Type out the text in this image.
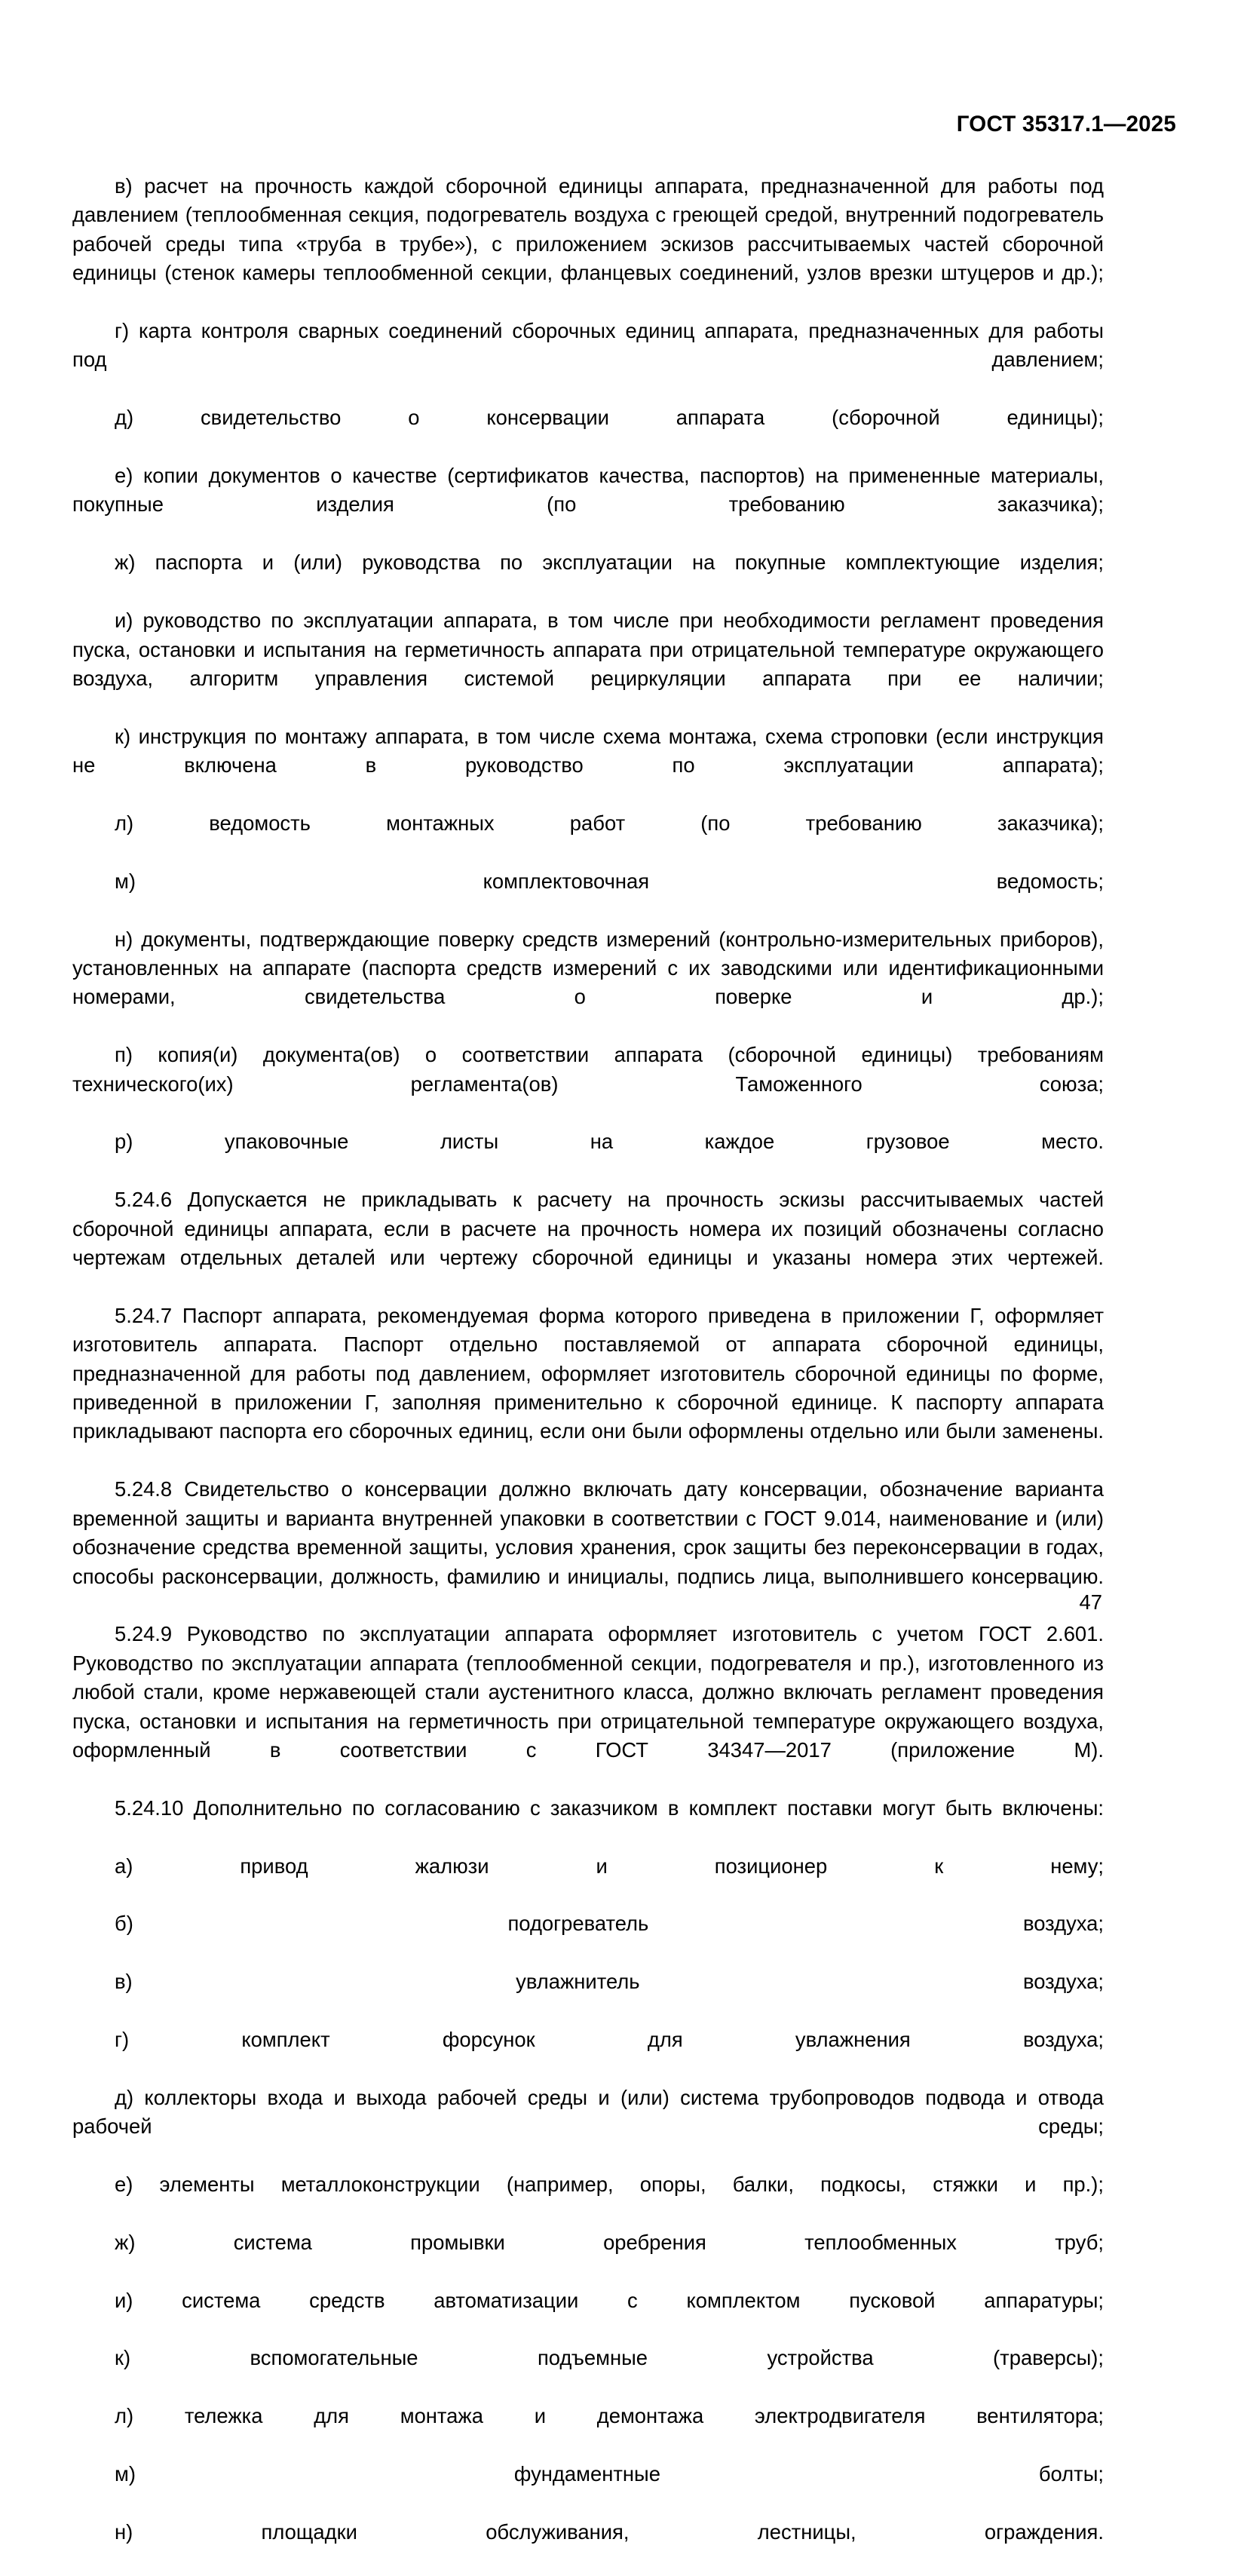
ГОСТ 35317.1—2025

в) расчет на прочность каждой сборочной единицы аппарата, предназначенной для работы под давлением (теплообменная секция, подогреватель воздуха с греющей средой, внутренний подогреватель рабочей среды типа «труба в трубе»), с приложением эскизов рассчитываемых частей сборочной единицы (стенок камеры теплообменной секции, фланцевых соединений, узлов врезки штуцеров и др.);

г) карта контроля сварных соединений сборочных единиц аппарата, предназначенных для работы под давлением;

д) свидетельство о консервации аппарата (сборочной единицы);

е) копии документов о качестве (сертификатов качества, паспортов) на примененные материалы, покупные изделия (по требованию заказчика);

ж) паспорта и (или) руководства по эксплуатации на покупные комплектующие изделия;

и) руководство по эксплуатации аппарата, в том числе при необходимости регламент проведения пуска, остановки и испытания на герметичность аппарата при отрицательной температуре окружающего воздуха, алгоритм управления системой рециркуляции аппарата при ее наличии;

к) инструкция по монтажу аппарата, в том числе схема монтажа, схема строповки (если инструкция не включена в руководство по эксплуатации аппарата);

л) ведомость монтажных работ (по требованию заказчика);

м) комплектовочная ведомость;

н) документы, подтверждающие поверку средств измерений (контрольно-измерительных приборов), установленных на аппарате (паспорта средств измерений с их заводскими или идентификационными номерами, свидетельства о поверке и др.);

п) копия(и) документа(ов) о соответствии аппарата (сборочной единицы) требованиям технического(их) регламента(ов) Таможенного союза;

р) упаковочные листы на каждое грузовое место.

5.24.6 Допускается не прикладывать к расчету на прочность эскизы рассчитываемых частей сборочной единицы аппарата, если в расчете на прочность номера их позиций обозначены согласно чертежам отдельных деталей или чертежу сборочной единицы и указаны номера этих чертежей.

5.24.7 Паспорт аппарата, рекомендуемая форма которого приведена в приложении Г, оформляет изготовитель аппарата. Паспорт отдельно поставляемой от аппарата сборочной единицы, предназначенной для работы под давлением, оформляет изготовитель сборочной единицы по форме, приведенной в приложении Г, заполняя применительно к сборочной единице. К паспорту аппарата прикладывают паспорта его сборочных единиц, если они были оформлены отдельно или были заменены.

5.24.8 Свидетельство о консервации должно включать дату консервации, обозначение варианта временной защиты и варианта внутренней упаковки в соответствии с ГОСТ 9.014, наименование и (или) обозначение средства временной защиты, условия хранения, срок защиты без переконсервации в годах, способы расконсервации, должность, фамилию и инициалы, подпись лица, выполнившего консервацию.

5.24.9 Руководство по эксплуатации аппарата оформляет изготовитель с учетом ГОСТ 2.601. Руководство по эксплуатации аппарата (теплообменной секции, подогревателя и пр.), изготовленного из любой стали, кроме нержавеющей стали аустенитного класса, должно включать регламент проведения пуска, остановки и испытания на герметичность при отрицательной температуре окружающего воздуха, оформленный в соответствии с ГОСТ 34347—2017 (приложение М).

5.24.10 Дополнительно по согласованию с заказчиком в комплект поставки могут быть включены:

а) привод жалюзи и позиционер к нему;

б) подогреватель воздуха;

в) увлажнитель воздуха;

г) комплект форсунок для увлажнения воздуха;

д) коллекторы входа и выхода рабочей среды и (или) система трубопроводов подвода и отвода рабочей среды;

е) элементы металлоконструкции (например, опоры, балки, подкосы, стяжки и пр.);

ж) система промывки оребрения теплообменных труб;

и) система средств автоматизации с комплектом пусковой аппаратуры;

к) вспомогательные подъемные устройства (траверсы);

л) тележка для монтажа и демонтажа электродвигателя вентилятора;

м) фундаментные болты;

н) площадки обслуживания, лестницы, ограждения.

47
